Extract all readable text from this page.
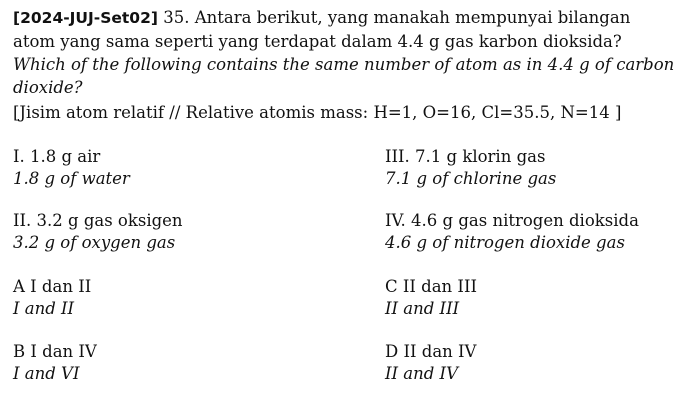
[2024-JUJ-Set02] 35. Antara berikut, yang manakah mempunyai bilangan
atom yang sama seperti yang terdapat dalam 4.4 g gas karbon dioksida?
Which of the following contains the same number of atom as in 4.4 g of carbon
dioxide?
[Jisim atom relatif // Relative atomis mass: H=1, O=16, Cl=35.5, N=14 ]
I. 1.8 g air
1.8 g of water
III. 7.1 g klorin gas
7.1 g of chlorine gas
II. 3.2 g gas oksigen
3.2 g of oxygen gas
IV. 4.6 g gas nitrogen dioksida
4.6 g of nitrogen dioxide gas
A I dan II
I and II
C II dan III
II and III
B I dan IV
I and VI
D II dan IV
II and IV
